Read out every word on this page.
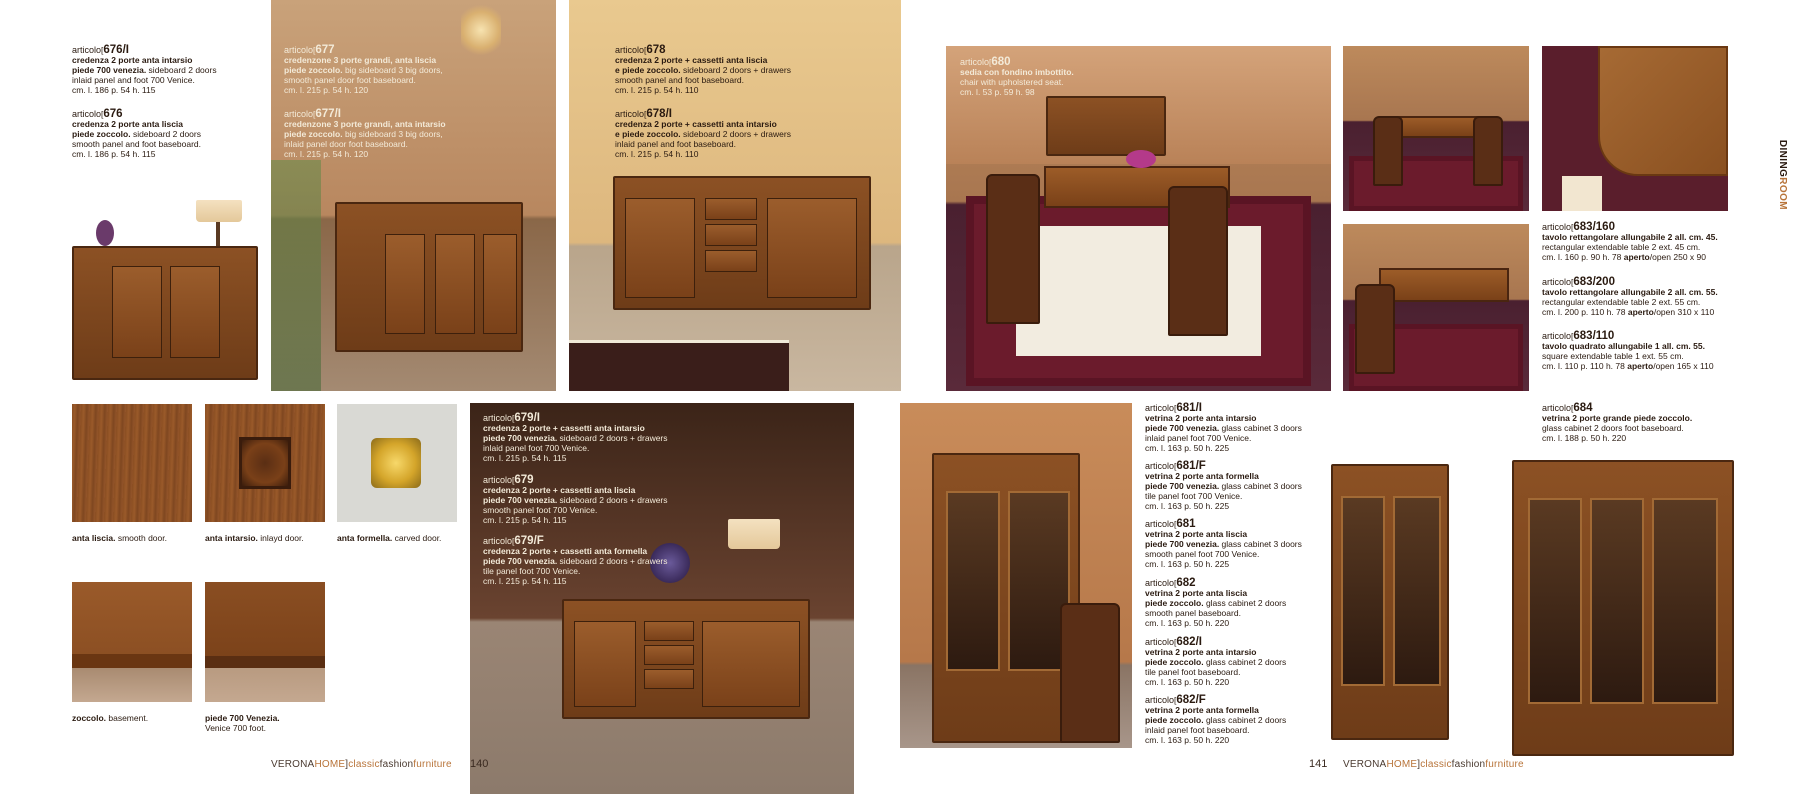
articolo[676/I
credenza 2 porte anta intarsio
piede 700 venezia. sideboard 2 doors
inlaid panel and foot 700 Venice.
cm. l. 186 p. 54 h. 115
articolo[676
credenza 2 porte anta liscia
piede zoccolo. sideboard 2 doors
smooth panel and foot baseboard.
cm. l. 186 p. 54 h. 115
articolo[677
credenzone 3 porte grandi, anta liscia
piede zoccolo. big sideboard 3 big doors,
smooth panel door foot baseboard.
cm. l. 215 p. 54 h. 120
articolo[677/I
credenzone 3 porte grandi, anta intarsio
piede zoccolo. big sideboard 3 big doors,
inlaid panel door foot baseboard.
cm. l. 215 p. 54 h. 120
articolo[678
credenza 2 porte + cassetti anta liscia
e piede zoccolo. sideboard 2 doors + drawers
smooth panel and foot baseboard.
cm. l. 215 p. 54 h. 110
articolo[678/I
credenza 2 porte + cassetti anta intarsio
e piede zoccolo. sideboard 2 doors + drawers
inlaid panel and foot baseboard.
cm. l. 215 p. 54 h. 110
anta liscia. smooth door.	anta intarsio. inlayd door.	anta formella. carved door.
zoccolo. basement.	piede 700 Venezia.
Venice 700 foot.
articolo[679/I
credenza 2 porte + cassetti anta intarsio
piede 700 venezia. sideboard 2 doors + drawers
inlaid panel foot 700 Venice.
cm. l. 215 p. 54 h. 115
articolo[679
credenza 2 porte + cassetti anta liscia
piede 700 venezia. sideboard 2 doors + drawers
smooth panel foot 700 Venice.
cm. l. 215 p. 54 h. 115
articolo[679/F
credenza 2 porte + cassetti anta formella
piede 700 venezia. sideboard 2 doors + drawers
tile panel foot 700 Venice.
cm. l. 215 p. 54 h. 115
VERONAHOME]classicfashionfurniture 140
articolo[680
sedia con fondino imbottito.
chair with upholstered seat.
cm. l. 53 p. 59 h. 98
articolo[683/160
tavolo rettangolare allungabile 2 all. cm. 45.
rectangular extendable table 2 ext. 45 cm.
cm. l. 160 p. 90 h. 78 aperto/open 250 x 90
articolo[683/200
tavolo rettangolare allungabile 2 all. cm. 55.
rectangular extendable table 2 ext. 55 cm.
cm. l. 200 p. 110 h. 78 aperto/open 310 x 110
articolo[683/110
tavolo quadrato allungabile 1 all. cm. 55.
square extendable table 1 ext. 55 cm.
cm. l. 110 p. 110 h. 78 aperto/open 165 x 110
DININGROOM
articolo[681/I
vetrina 2 porte anta intarsio
piede 700 venezia. glass cabinet 3 doors
inlaid panel foot 700 Venice.
cm. l. 163 p. 50 h. 225
articolo[681/F
vetrina 2 porte anta formella
piede 700 venezia. glass cabinet 3 doors
tile panel foot 700 Venice.
cm. l. 163 p. 50 h. 225
articolo[681
vetrina 2 porte anta liscia
piede 700 venezia. glass cabinet 3 doors
smooth panel foot 700 Venice.
cm. l. 163 p. 50 h. 225
articolo[682
vetrina 2 porte anta liscia
piede zoccolo. glass cabinet 2 doors
smooth panel baseboard.
cm. l. 163 p. 50 h. 220
articolo[682/I
vetrina 2 porte anta intarsio
piede zoccolo. glass cabinet 2 doors
tile panel foot baseboard.
cm. l. 163 p. 50 h. 220
articolo[682/F
vetrina 2 porte anta formella
piede zoccolo. glass cabinet 2 doors
inlaid panel foot baseboard.
cm. l. 163 p. 50 h. 220
articolo[684
vetrina 2 porte grande piede zoccolo.
glass cabinet 2 doors foot baseboard.
cm. l. 188 p. 50 h. 220
141 VERONAHOME]classicfashionfurniture
